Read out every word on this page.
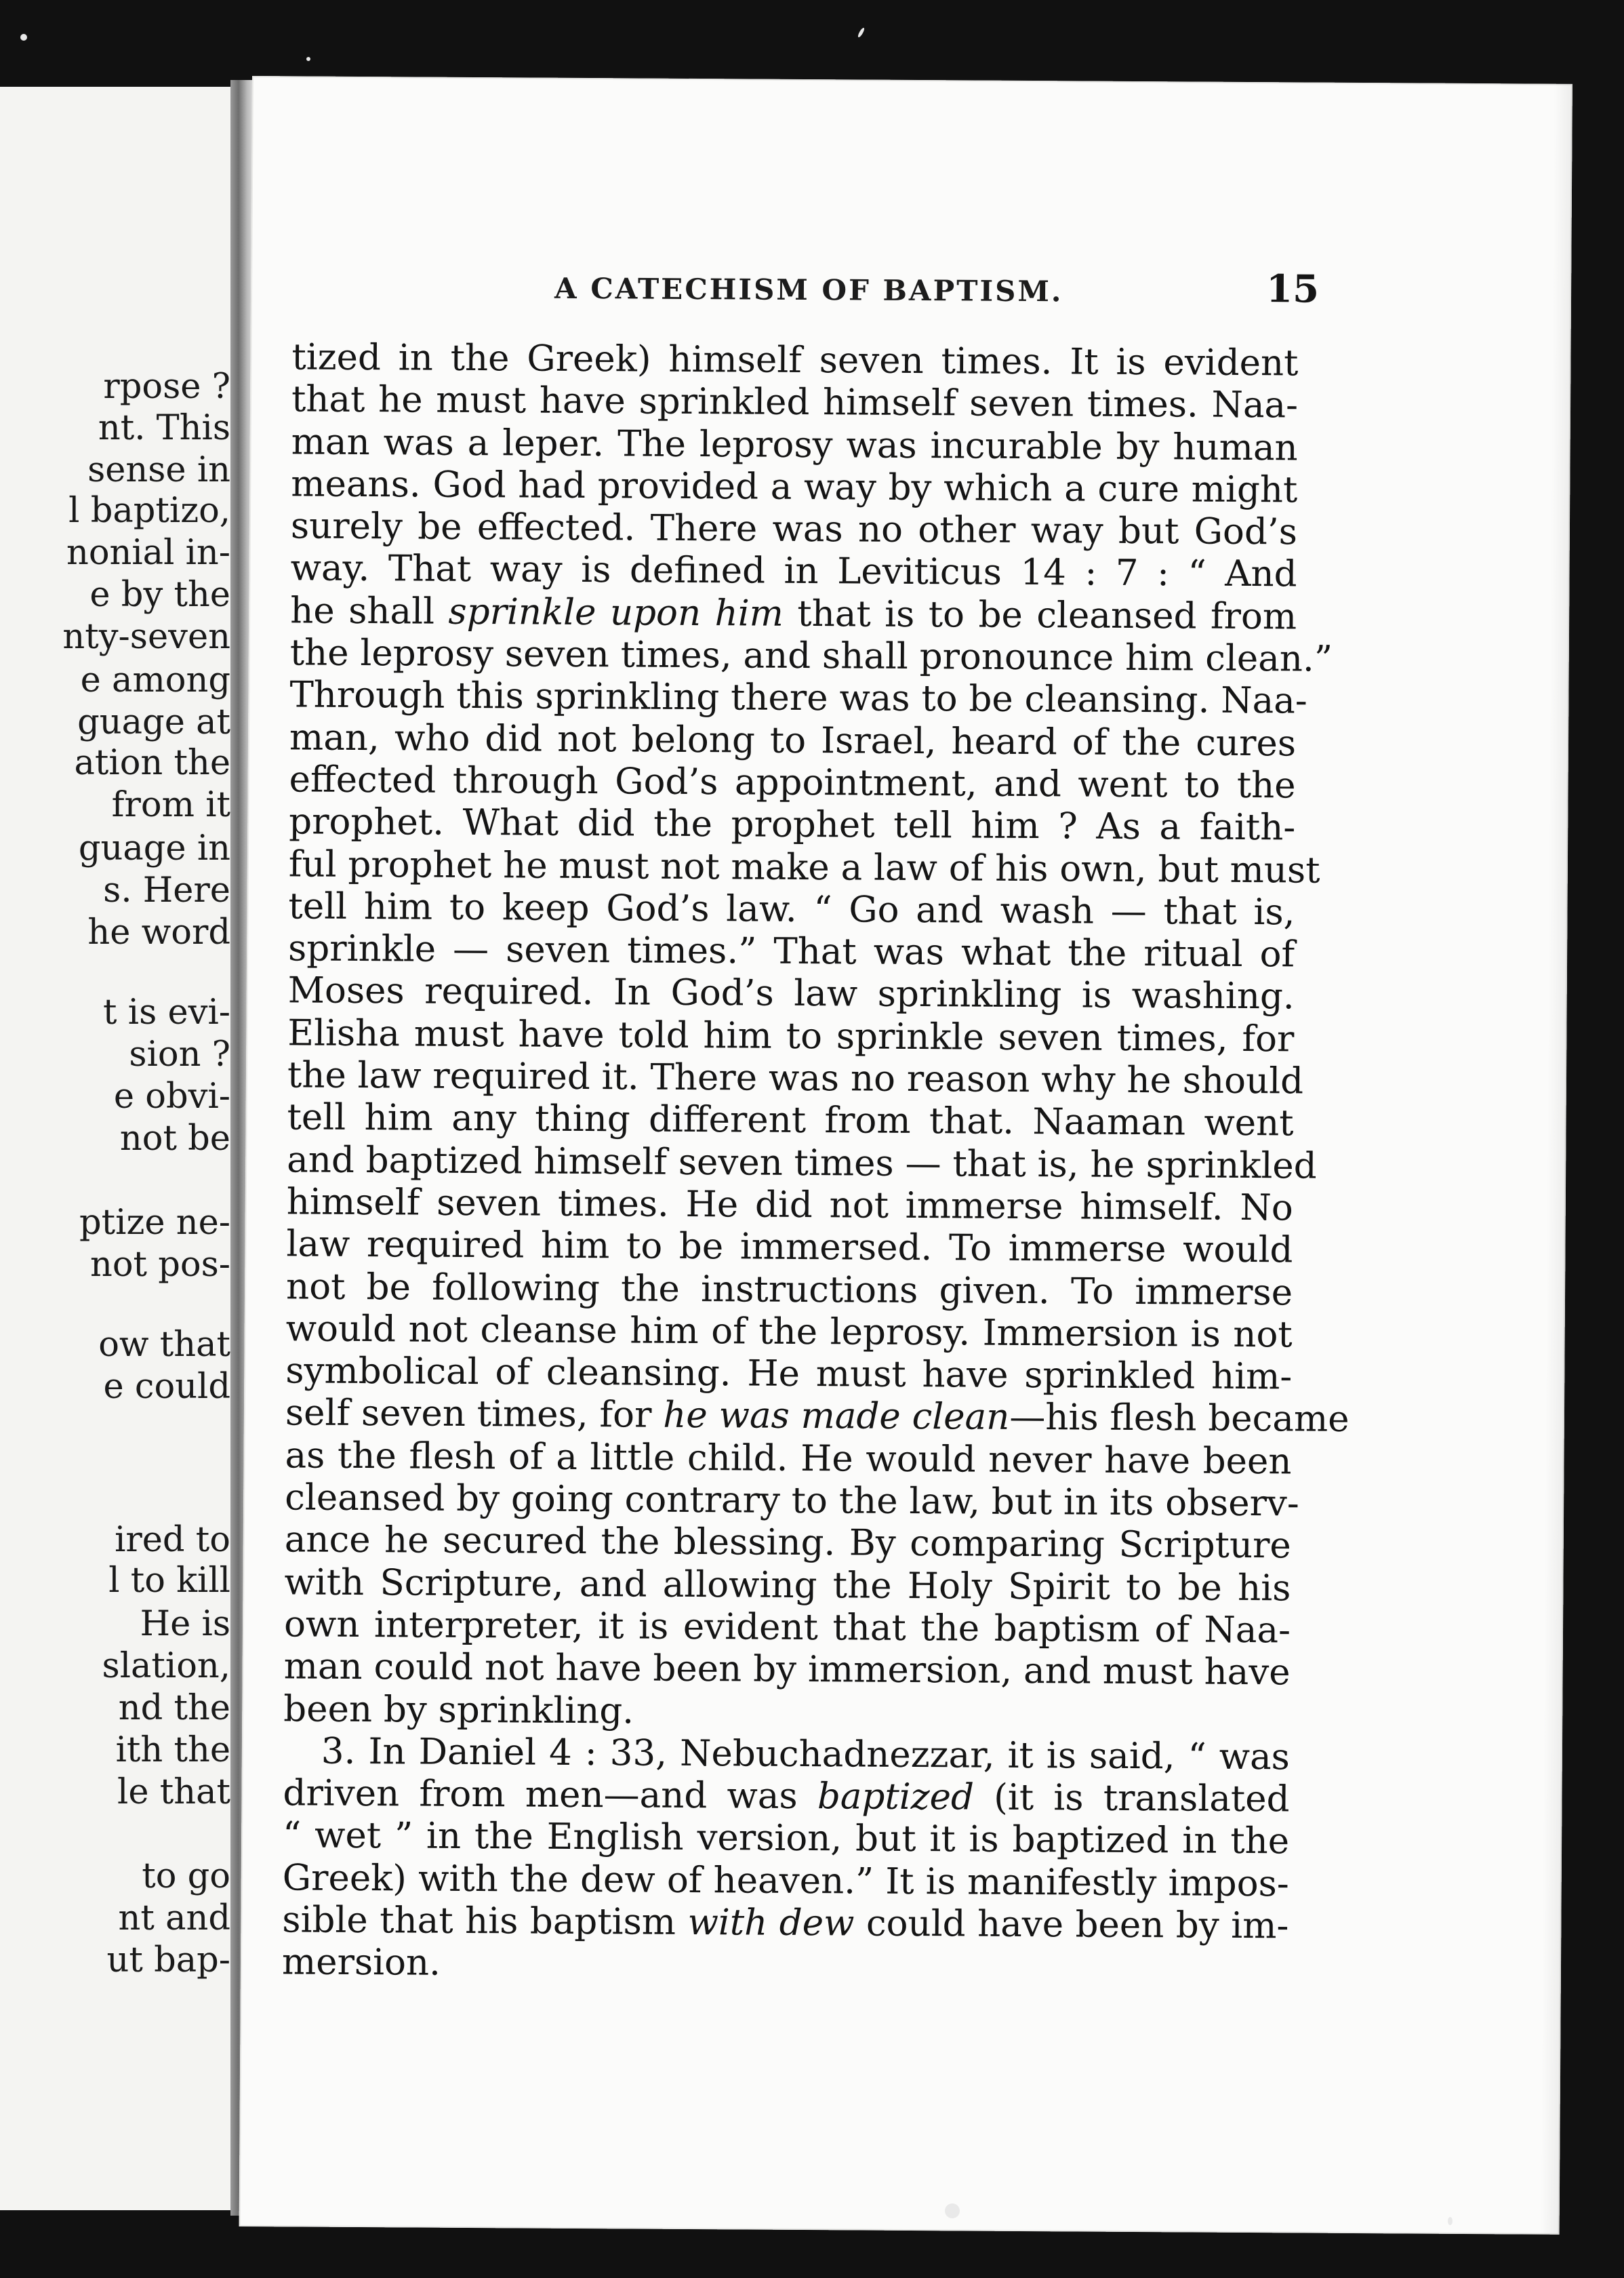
rpose ?
nt. This
sense in
l baptizo,
nonial in-
e by the
nty-seven
e among
guage at
ation the
from it
guage in
s. Here
he word
t is evi-
sion ?
e obvi-
not be
ptize ne-
not pos-
ow that
e could
ired to
l to kill
He is
slation,
nd the
ith the
le that
to go
nt and
ut bap-
A CATECHISM OF BAPTISM.	15
tized in the Greek) himself seven times. It is evident
that he must have sprinkled himself seven times. Naa-
man was a leper. The leprosy was incurable by human
means. God had provided a way by which a cure might
surely be effected. There was no other way but God’s
way. That way is defined in Leviticus 14 : 7 : “ And
he shall sprinkle upon him that is to be cleansed from
the leprosy seven times, and shall pronounce him clean.”
Through this sprinkling there was to be cleansing. Naa-
man, who did not belong to Israel, heard of the cures
effected through God’s appointment, and went to the
prophet. What did the prophet tell him ? As a faith-
ful prophet he must not make a law of his own, but must
tell him to keep God’s law. “ Go and wash — that is,
sprinkle — seven times.” That was what the ritual of
Moses required. In God’s law sprinkling is washing.
Elisha must have told him to sprinkle seven times, for
the law required it. There was no reason why he should
tell him any thing different from that. Naaman went
and baptized himself seven times — that is, he sprinkled
himself seven times. He did not immerse himself. No
law required him to be immersed. To immerse would
not be following the instructions given. To immerse
would not cleanse him of the leprosy. Immersion is not
symbolical of cleansing. He must have sprinkled him-
self seven times, for he was made clean—his flesh became
as the flesh of a little child. He would never have been
cleansed by going contrary to the law, but in its observ-
ance he secured the blessing. By comparing Scripture
with Scripture, and allowing the Holy Spirit to be his
own interpreter, it is evident that the baptism of Naa-
man could not have been by immersion, and must have
been by sprinkling.
3. In Daniel 4 : 33, Nebuchadnezzar, it is said, “ was
driven from men—and was baptized (it is translated
“ wet ” in the English version, but it is baptized in the
Greek) with the dew of heaven.” It is manifestly impos-
sible that his baptism with dew could have been by im-
mersion.
